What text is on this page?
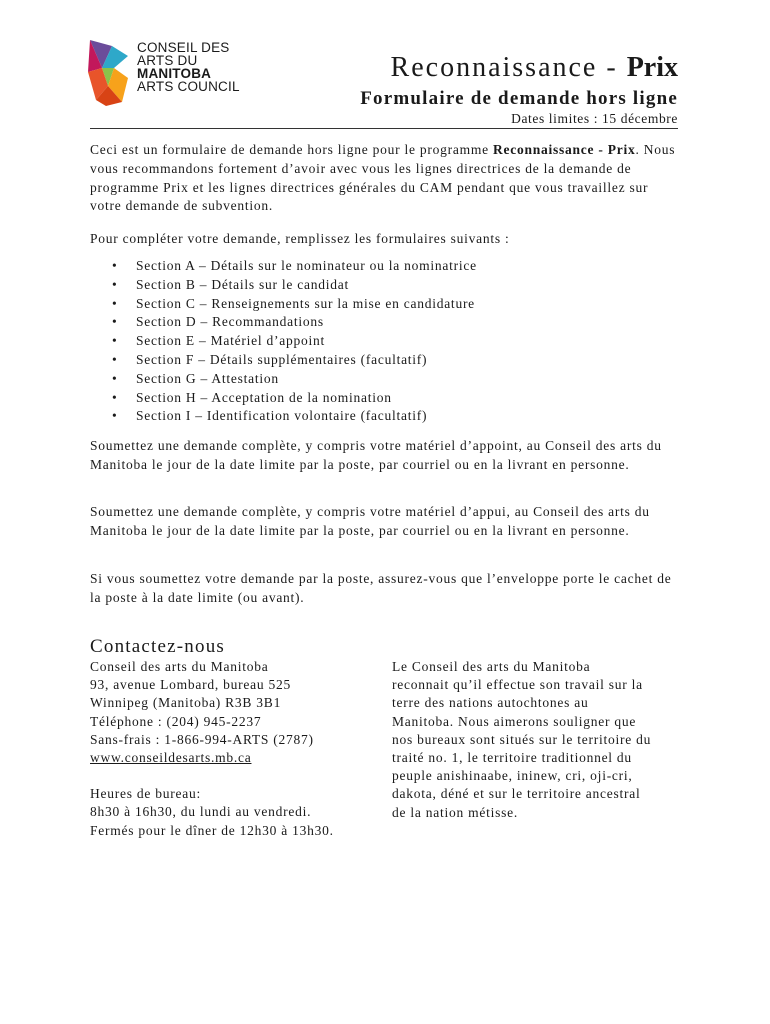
CONSEIL DES
ARTS DU
MANITOBA
ARTS COUNCIL
Reconnaissance - Prix
Formulaire de demande hors ligne
Dates limites : 15 décembre
Ceci est un formulaire de demande hors ligne pour le programme Reconnaissance - Prix. Nous vous recommandons fortement d’avoir avec vous les lignes directrices de la demande de programme Prix et les lignes directrices générales du CAM pendant que vous travaillez sur votre demande de subvention.
Pour compléter votre demande, remplissez les formulaires suivants :
• Section A – Détails sur le nominateur ou la nominatrice
• Section B – Détails sur le candidat
• Section C – Renseignements sur la mise en candidature
• Section D – Recommandations
• Section E – Matériel d’appoint
• Section F – Détails supplémentaires (facultatif)
• Section G – Attestation
• Section H – Acceptation de la nomination
• Section I – Identification volontaire (facultatif)
Soumettez une demande complète, y compris votre matériel d’appoint, au Conseil des arts du Manitoba le jour de la date limite par la poste, par courriel ou en la livrant en personne.
Soumettez une demande complète, y compris votre matériel d’appui, au Conseil des arts du Manitoba le jour de la date limite par la poste, par courriel ou en la livrant en personne.
Si vous soumettez votre demande par la poste, assurez-vous que l’enveloppe porte le cachet de la poste à la date limite (ou avant).
Contactez-nous
Conseil des arts du Manitoba
93, avenue Lombard, bureau 525
Winnipeg (Manitoba) R3B 3B1
Téléphone : (204) 945-2237
Sans-frais : 1-866-994-ARTS (2787)
www.conseildesarts.mb.ca
Heures de bureau:
8h30 à 16h30, du lundi au vendredi.
Fermés pour le dîner de 12h30 à 13h30.
Le Conseil des arts du Manitoba
reconnait qu’il effectue son travail sur la
terre des nations autochtones au
Manitoba. Nous aimerons souligner que
nos bureaux sont situés sur le territoire du
traité no. 1, le territoire traditionnel du
peuple anishinaabe, ininew, cri, oji-cri,
dakota, déné et sur le territoire ancestral
de la nation métisse.
